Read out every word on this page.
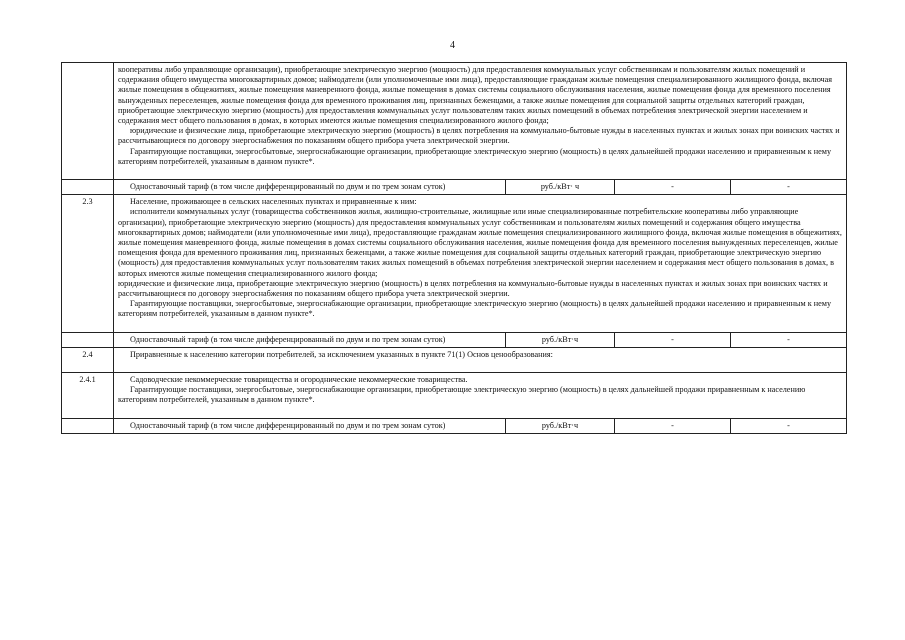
4

	кооперативы либо управляющие организации), приобретающие электрическую энергию (мощность) для предоставления коммунальных услуг собственникам и пользователям жилых помещений и содержания общего имущества многоквартирных домов; наймодатели (или уполномоченные ими лица), предоставляющие гражданам жилые помещения специализированного жилищного фонда, включая жилые помещения в общежитиях, жилые помещения маневренного фонда, жилые помещения в домах системы социального обслуживания населения, жилые помещения фонда для временного поселения вынужденных переселенцев, жилые помещения фонда для временного проживания лиц, признанных беженцами, а также жилые помещения для социальной защиты отдельных категорий граждан, приобретающие электрическую энергию (мощность) для предоставления коммунальных услуг пользователям таких жилых помещений в объемах потребления электрической энергии населением и содержания мест общего пользования в домах, в которых имеются жилые помещения специализированного жилого фонда;
юридические и физические лица, приобретающие электрическую энергию (мощность) в целях потребления на коммунально-бытовые нужды в населенных пунктах и жилых зонах при воинских частях и рассчитывающиеся по договору энергоснабжения по показаниям общего прибора учета электрической энергии.
Гарантирующие поставщики, энергосбытовые, энергоснабжающие организации, приобретающие электрическую энергию (мощность) в целях дальнейшей продажи населению и приравненным к нему категориям потребителей, указанным в данном пункте*.			

	Одноставочный тариф (в том числе дифференцированный по двум и по трем зонам суток)	руб./кВт· ч	-	-
2.3	Население, проживающее в сельских населенных пунктах и приравненные к ним:
исполнители коммунальных услуг (товарищества собственников жилья, жилищно-строительные, жилищные или иные специализированные потребительские кооперативы либо управляющие организации), приобретающие электрическую энергию (мощность) для предоставления коммунальных услуг собственникам и пользователям жилых помещений и содержания общего имущества многоквартирных домов; наймодатели (или уполномоченные ими лица), предоставляющие гражданам жилые помещения специализированного жилищного фонда, включая жилые помещения в общежитиях, жилые помещения маневренного фонда, жилые помещения в домах системы социального обслуживания населения, жилые помещения фонда для временного поселения вынужденных переселенцев, жилые помещения фонда для временного проживания лиц, признанных беженцами, а также жилые помещения для социальной защиты отдельных категорий граждан, приобретающие электрическую энергию (мощность) для предоставления коммунальных услуг пользователям таких жилых помещений в объемах потребления электрической энергии населением и содержания мест общего пользования в домах, в которых имеются жилые помещения специализированного жилого фонда;
юридические и физические лица, приобретающие электрическую энергию (мощность) в целях потребления на коммунально-бытовые нужды в населенных пунктах и жилых зонах при воинских частях и рассчитывающиеся по договору энергоснабжения по показаниям общего прибора учета электрической энергии.
Гарантирующие поставщики, энергосбытовые, энергоснабжающие организации, приобретающие электрическую энергию (мощность) в целях дальнейшей продажи населению и приравненным к нему категориям потребителей, указанным в данном пункте*.			

	Одноставочный тариф (в том числе дифференцированный по двум и по трем зонам суток)	руб./кВт·ч	-	-
2.4	Приравненные к населению категории потребителей, за исключением указанных в пункте 71(1) Основ ценообразования:			

2.4.1	Садоводческие некоммерческие товарищества и огороднические некоммерческие товарищества.
Гарантирующие поставщики, энергосбытовые, энергоснабжающие организации, приобретающие электрическую энергию (мощность) в целях дальнейшей продажи приравненным к населению категориям потребителей, указанным в данном пункте*.			

	Одноставочный тариф (в том числе дифференцированный по двум и по трем зонам суток)	руб./кВт·ч	-	-
